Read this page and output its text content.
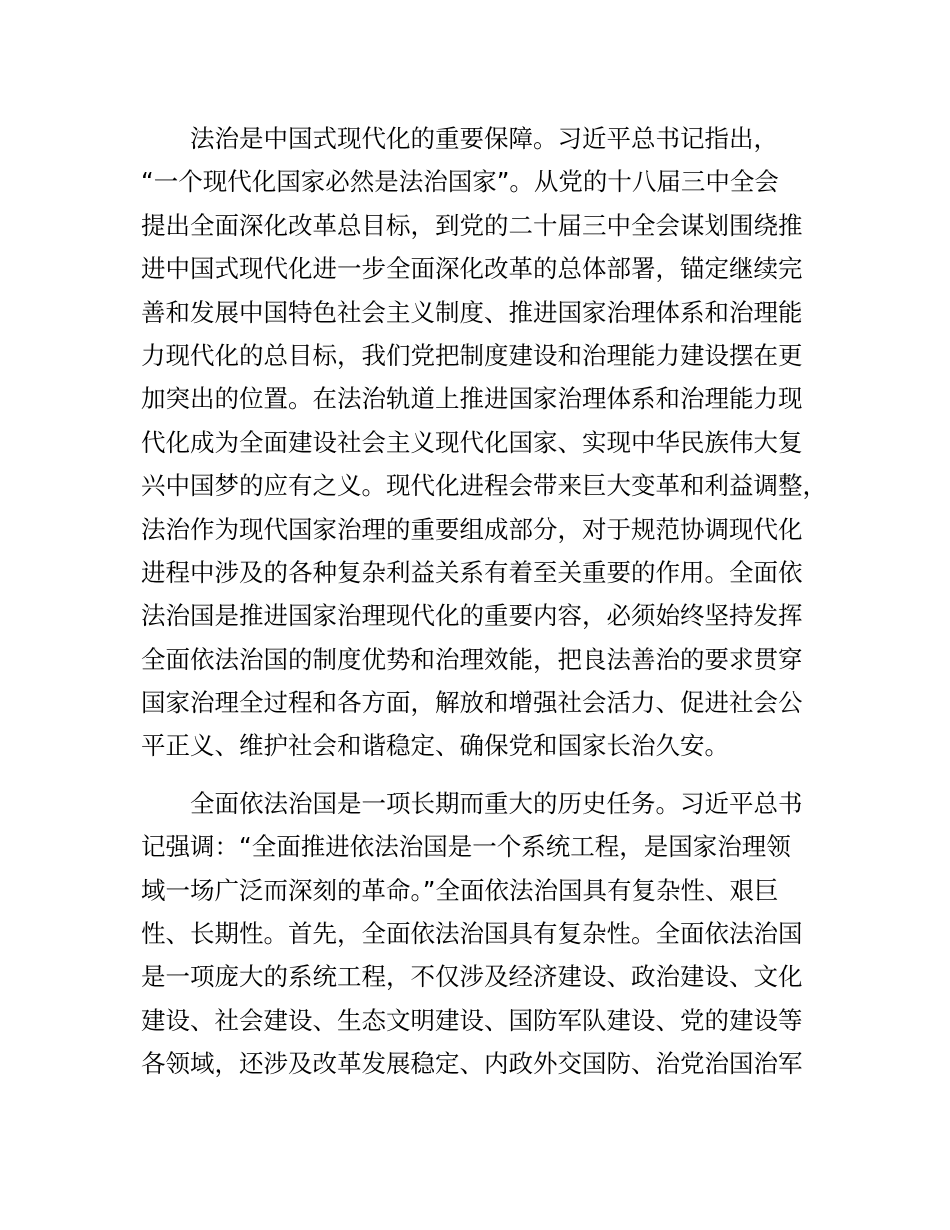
法治是中国式现代化的重要保障。习近平总书记指出，
“一个现代化国家必然是法治国家”。从党的十八届三中全会
提出全面深化改革总目标，到党的二十届三中全会谋划围绕推
进中国式现代化进一步全面深化改革的总体部署，锚定继续完
善和发展中国特色社会主义制度、推进国家治理体系和治理能
力现代化的总目标，我们党把制度建设和治理能力建设摆在更
加突出的位置。在法治轨道上推进国家治理体系和治理能力现
代化成为全面建设社会主义现代化国家、实现中华民族伟大复
兴中国梦的应有之义。现代化进程会带来巨大变革和利益调整，
法治作为现代国家治理的重要组成部分，对于规范协调现代化
进程中涉及的各种复杂利益关系有着至关重要的作用。全面依
法治国是推进国家治理现代化的重要内容，必须始终坚持发挥
全面依法治国的制度优势和治理效能，把良法善治的要求贯穿
国家治理全过程和各方面，解放和增强社会活力、促进社会公
平正义、维护社会和谐稳定、确保党和国家长治久安。
全面依法治国是一项长期而重大的历史任务。习近平总书
记强调：“全面推进依法治国是一个系统工程，是国家治理领
域一场广泛而深刻的革命。”全面依法治国具有复杂性、艰巨
性、长期性。首先，全面依法治国具有复杂性。全面依法治国
是一项庞大的系统工程，不仅涉及经济建设、政治建设、文化
建设、社会建设、生态文明建设、国防军队建设、党的建设等
各领域，还涉及改革发展稳定、内政外交国防、治党治国治军
